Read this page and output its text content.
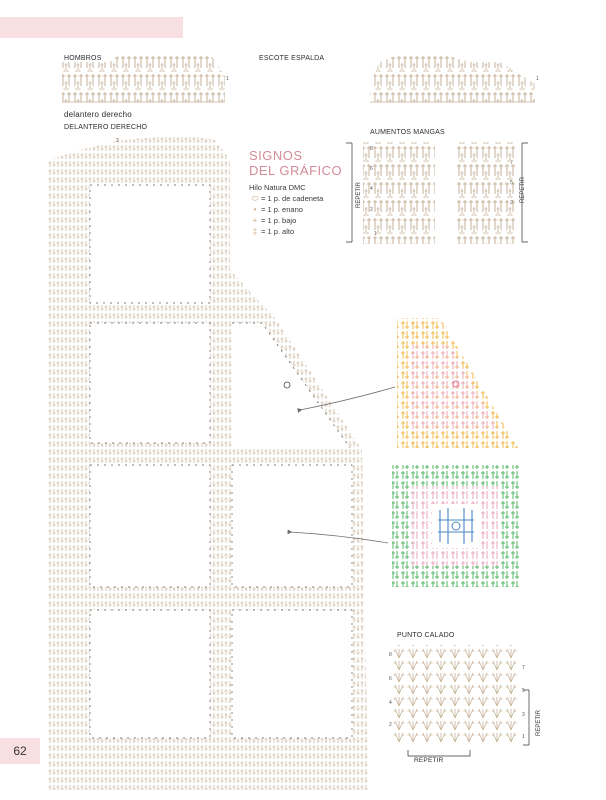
HOMBROS	ESCOTE ESPALDA
delantero derecho
DELANTERO DERECHO
AUMENTOS MANGAS
PUNTO CALADO
SIGNOS
DEL GRÁFICO
Hilo Natura DMC
⬭ = 1 p. de cadeneta
• = 1 p. enano
+ = 1 p. bajo
‡ = 1 p. alto
REPETIR	REPETIR
REPETIR
REPETIR
8
6
4
2
7
5
3
1
1	1
62
